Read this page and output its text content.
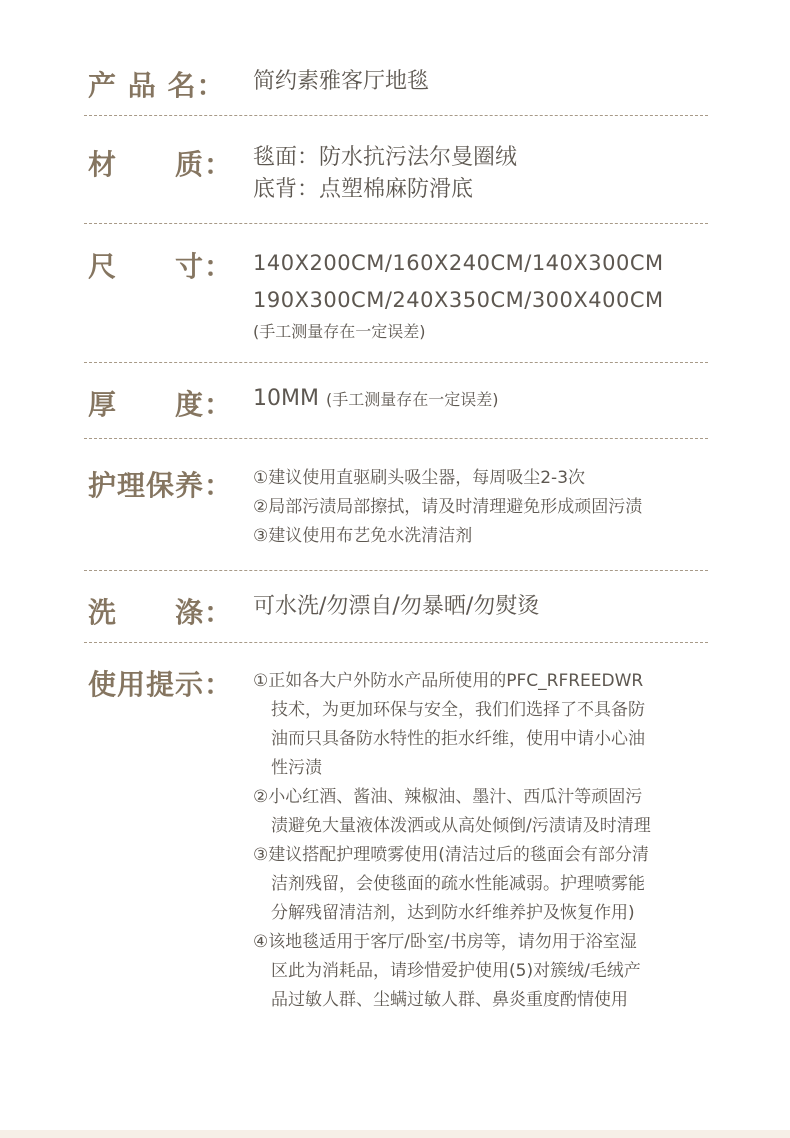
产 品 名：	简约素雅客厅地毯
材　　质： 毯面：防水抗污法尔曼圈绒
底背：点塑棉麻防滑底
尺　　寸： 140X200CM/160X240CM/140X300CM
190X300CM/240X350CM/300X400CM
(手工测量存在一定误差)
厚　　度： 10MM (手工测量存在一定误差)
护理保养： ①建议使用直驱刷头吸尘器，每周吸尘2-3次
②局部污渍局部擦拭，请及时清理避免形成顽固污渍
③建议使用布艺免水洗清洁剂
洗　　涤： 可水洗/勿漂自/勿暴晒/勿熨烫
使用提示： ①正如各大户外防水产品所使用的PFC_RFREEDWR
技术，为更加环保与安全，我们们选择了不具备防
油而只具备防水特性的拒水纤维，使用中请小心油
性污渍
②小心红酒、酱油、辣椒油、墨汁、西瓜汁等顽固污
渍避免大量液体泼洒或从高处倾倒/污渍请及时清理
③建议搭配护理喷雾使用(清洁过后的毯面会有部分清
洁剂残留，会使毯面的疏水性能减弱。护理喷雾能
分解残留清洁剂，达到防水纤维养护及恢复作用)
④该地毯适用于客厅/卧室/书房等，请勿用于浴室湿
区此为消耗品，请珍惜爱护使用(5)对簇绒/毛绒产
品过敏人群、尘螨过敏人群、鼻炎重度酌情使用
